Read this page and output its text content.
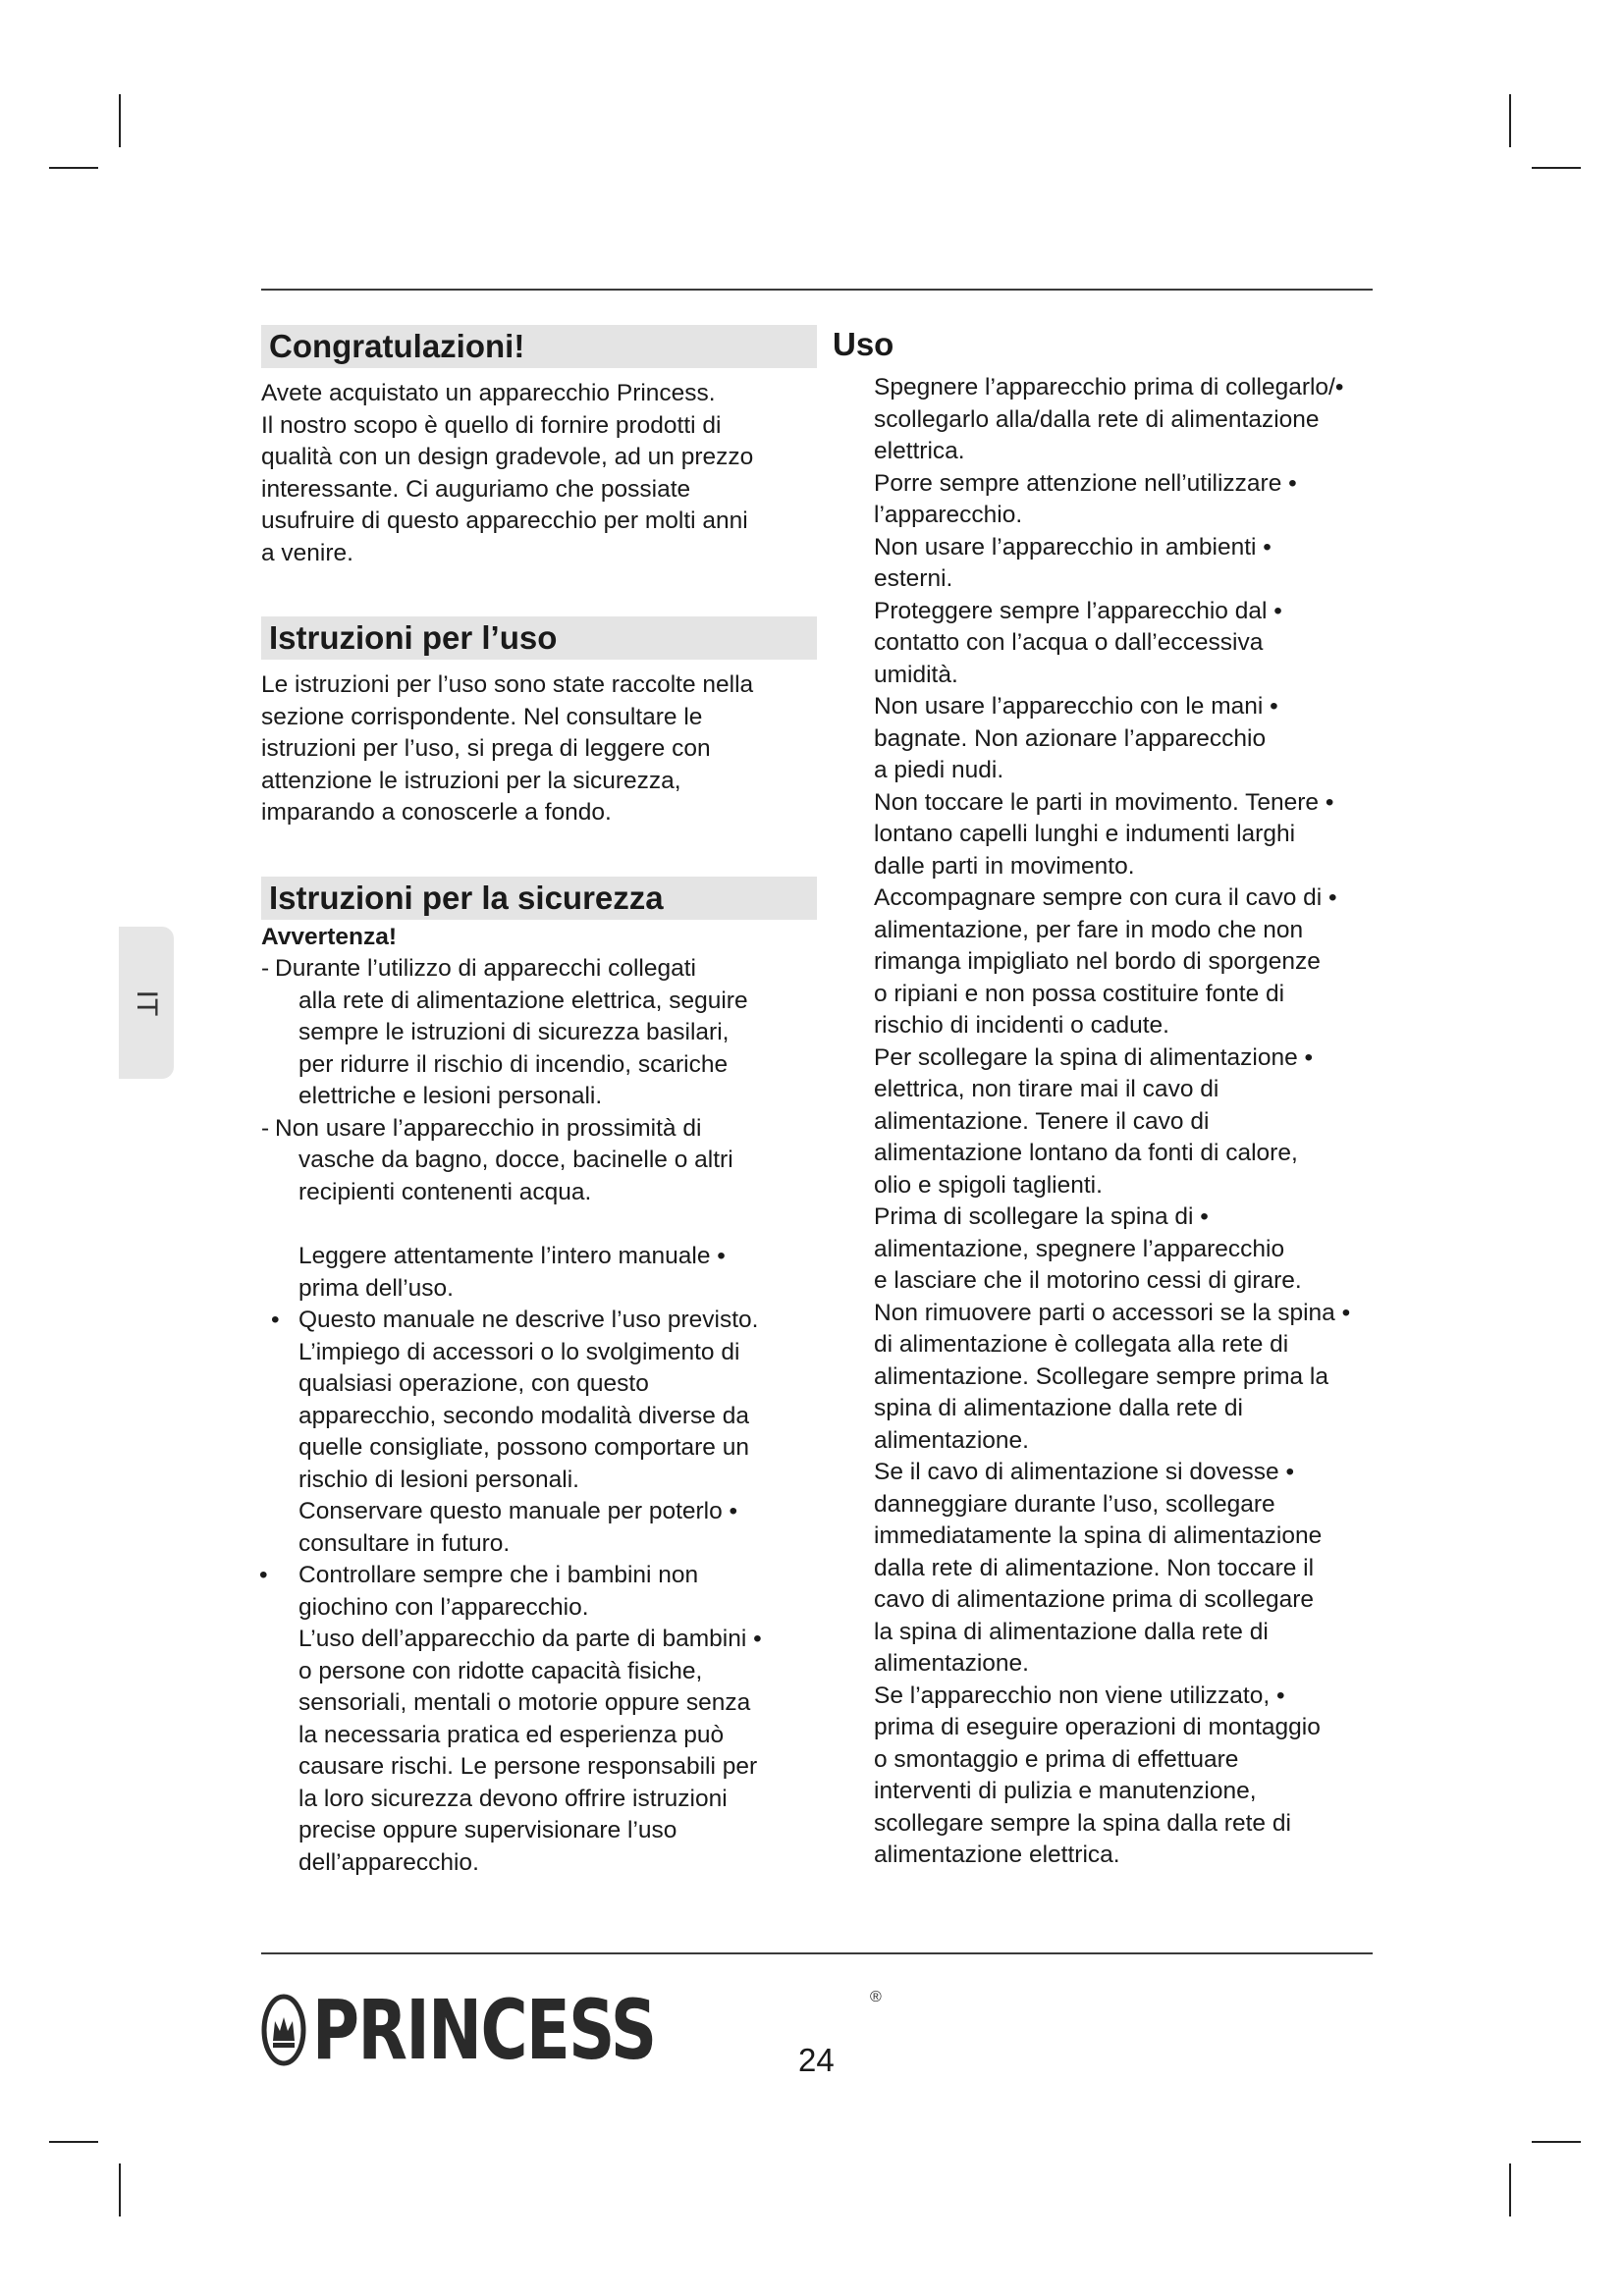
IT
Congratulazioni!

Avete acquistato un apparecchio Princess.

Il nostro scopo è quello di fornire prodotti di

qualità con un design gradevole, ad un prezzo

interessante. Ci auguriamo che possiate

usufruire di questo apparecchio per molti anni

a venire.

Istruzioni per l’uso

Le istruzioni per l’uso sono state raccolte nella

sezione corrispondente. Nel consultare le

istruzioni per l’uso, si prega di leggere con

attenzione le istruzioni per la sicurezza,

imparando a conoscerle a fondo.

Istruzioni per la sicurezza
Avvertenza!
- Durante l’utilizzo di apparecchi collegati
alla rete di alimentazione elettrica, seguire
sempre le istruzioni di sicurezza basilari,
per ridurre il rischio di incendio, scariche
elettriche e lesioni personali.
- Non usare l’apparecchio in prossimità di
vasche da bagno, docce, bacinelle o altri
recipienti contenenti acqua.
Leggere attentamente l’intero manuale •
prima dell’uso.
• Questo manuale ne descrive l’uso previsto.
L’impiego di accessori o lo svolgimento di
qualsiasi operazione, con questo
apparecchio, secondo modalità diverse da
quelle consigliate, possono comportare un
rischio di lesioni personali.
Conservare questo manuale per poterlo •
consultare in futuro.
• Controllare sempre che i bambini non
giochino con l’apparecchio.
L’uso dell’apparecchio da parte di bambini •
o persone con ridotte capacità fisiche,
sensoriali, mentali o motorie oppure senza
la necessaria pratica ed esperienza può
causare rischi. Le persone responsabili per
la loro sicurezza devono offrire istruzioni
precise oppure supervisionare l’uso
dell’apparecchio.
Uso
Spegnere l’apparecchio prima di collegarlo/•
scollegarlo alla/dalla rete di alimentazione
elettrica.
Porre sempre attenzione nell’utilizzare •
l’apparecchio.
Non usare l’apparecchio in ambienti •
esterni.
Proteggere sempre l’apparecchio dal •
contatto con l’acqua o dall’eccessiva
umidità.
Non usare l’apparecchio con le mani •
bagnate. Non azionare l’apparecchio
a piedi nudi.
Non toccare le parti in movimento. Tenere •
lontano capelli lunghi e indumenti larghi
dalle parti in movimento.
Accompagnare sempre con cura il cavo di •
alimentazione, per fare in modo che non
rimanga impigliato nel bordo di sporgenze
o ripiani e non possa costituire fonte di
rischio di incidenti o cadute.
Per scollegare la spina di alimentazione •
elettrica, non tirare mai il cavo di
alimentazione. Tenere il cavo di
alimentazione lontano da fonti di calore,
olio e spigoli taglienti.
Prima di scollegare la spina di •
alimentazione, spegnere l’apparecchio
e lasciare che il motorino cessi di girare.
Non rimuovere parti o accessori se la spina •
di alimentazione è collegata alla rete di
alimentazione. Scollegare sempre prima la
spina di alimentazione dalla rete di
alimentazione.
Se il cavo di alimentazione si dovesse •
danneggiare durante l’uso, scollegare
immediatamente la spina di alimentazione
dalla rete di alimentazione. Non toccare il
cavo di alimentazione prima di scollegare
la spina di alimentazione dalla rete di
alimentazione.
Se l’apparecchio non viene utilizzato, •
prima di eseguire operazioni di montaggio
o smontaggio e prima di effettuare
interventi di pulizia e manutenzione,
scollegare sempre la spina dalla rete di
alimentazione elettrica.
PRINCESS	®
24
